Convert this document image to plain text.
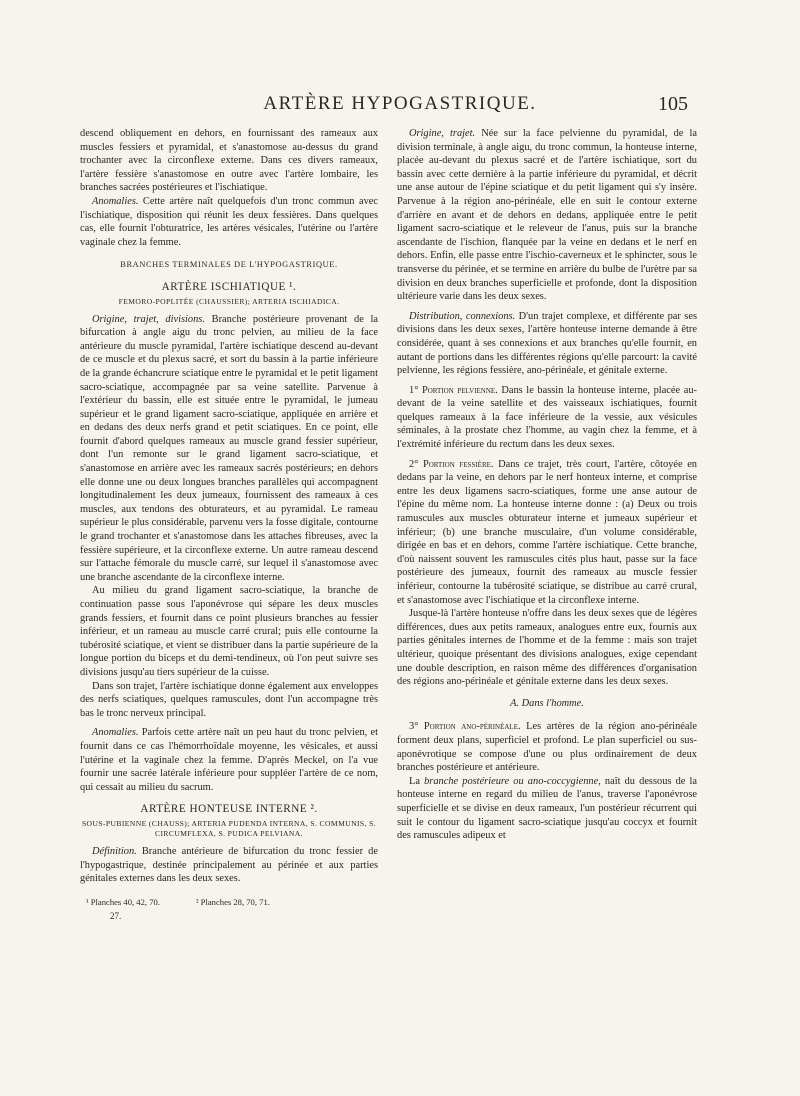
ARTÈRE HYPOGASTRIQUE.	105

descend obliquement en dehors, en fournissant des rameaux aux muscles fessiers et pyramidal, et s'anastomose au-dessus du grand trochanter avec la circonflexe externe. Dans ces divers rameaux, l'artère fessière s'anastomose en outre avec l'artère lombaire, les branches sacrées postérieures et l'ischiatique.

Anomalies. Cette artère naît quelquefois d'un tronc commun avec l'ischiatique, disposition qui réunit les deux fessières. Dans quelques cas, elle fournit l'obturatrice, les artères vésicales, l'utérine ou l'artère vaginale chez la femme.

BRANCHES TERMINALES DE L'HYPOGASTRIQUE.
ARTÈRE ISCHIATIQUE ¹.
FEMORO-POPLITÉE (CHAUSSIER); ARTERIA ISCHIADICA.

Origine, trajet, divisions. Branche postérieure provenant de la bifurcation à angle aigu du tronc pelvien, au milieu de la face antérieure du muscle pyramidal, l'artère ischiatique descend au-devant de ce muscle et du plexus sacré, et sort du bassin à la partie inférieure de la grande échancrure sciatique entre le pyramidal et le petit ligament sacro-sciatique, accompagnée par sa veine satellite. Parvenue à l'extérieur du bassin, elle est située entre le pyramidal, le jumeau supérieur et le grand ligament sacro-sciatique, appliquée en arrière et en dedans des deux nerfs grand et petit sciatiques. En ce point, elle fournit d'abord quelques rameaux au muscle grand fessier supérieur, dont l'un remonte sur le grand ligament sacro-sciatique, et s'anastomose en arrière avec les rameaux sacrés postérieurs; en dehors elle donne une ou deux longues branches parallèles qui accompagnent longitudinalement les deux jumeaux, fournissent des rameaux à ces muscles, aux tendons des obturateurs, et au pyramidal. Le rameau supérieur le plus considérable, parvenu vers la fosse digitale, contourne le grand trochanter et s'anastomose dans les attaches fibreuses, avec la fessière supérieure, et la circonflexe externe. Un autre rameau descend sur l'attache fémorale du muscle carré, sur lequel il s'anastomose avec une branche ascendante de la circonflexe interne.

Au milieu du grand ligament sacro-sciatique, la branche de continuation passe sous l'aponévrose qui sépare les deux muscles grands fessiers, et fournit dans ce point plusieurs branches au fessier inférieur, et un rameau au muscle carré crural; puis elle contourne la tubérosité sciatique, et vient se distribuer dans la partie supérieure de la longue portion du biceps et du demi-tendineux, où l'on peut suivre ses divisions jusqu'au tiers supérieur de la cuisse.

Dans son trajet, l'artère ischiatique donne également aux enveloppes des nerfs sciatiques, quelques ramuscules, dont l'un accompagne très bas le tronc nerveux principal.

Anomalies. Parfois cette artère naît un peu haut du tronc pelvien, et fournit dans ce cas l'hémorrhoïdale moyenne, les vésicales, et aussi l'utérine et la vaginale chez la femme. D'après Meckel, on l'a vue fournir une sacrée latérale inférieure pour suppléer l'artère de ce nom, qui cessait au milieu du sacrum.

ARTÈRE HONTEUSE INTERNE ².
SOUS-PUBIENNE (CHAUSS); ARTERIA PUDENDA INTERNA, S. COMMUNIS, S. CIRCUMFLEXA, S. PUDICA PELVIANA.

Définition. Branche antérieure de bifurcation du tronc fessier de l'hypogastrique, destinée principalement au périnée et aux parties génitales externes dans les deux sexes.

¹ Planches 40, 42, 70.	² Planches 28, 70, 71.
27.

Origine, trajet. Née sur la face pelvienne du pyramidal, de la division terminale, à angle aigu, du tronc commun, la honteuse interne, placée au-devant du plexus sacré et de l'artère ischiatique, sort du bassin avec cette dernière à la partie inférieure du pyramidal, et décrit une anse autour de l'épine sciatique et du petit ligament qui s'y insère. Parvenue à la région ano-périnéale, elle en suit le contour externe d'arrière en avant et de dehors en dedans, appliquée entre le petit ligament sacro-sciatique et le releveur de l'anus, puis sur la branche ascendante de l'ischion, flanquée par la veine en dedans et le nerf en dehors. Enfin, elle passe entre l'ischio-caverneux et le sphincter, sous le transverse du périnée, et se termine en arrière du bulbe de l'urètre par sa division en deux branches superficielle et profonde, dont la disposition ultérieure varie dans les deux sexes.

Distribution, connexions. D'un trajet complexe, et différente par ses divisions dans les deux sexes, l'artère honteuse interne demande à être considérée, quant à ses connexions et aux branches qu'elle fournit, en autant de portions dans les différentes régions qu'elle parcourt: la cavité pelvienne, les régions fessière, ano-périnéale, et génitale externe.

1° Portion pelvienne. Dans le bassin la honteuse interne, placée au-devant de la veine satellite et des vaisseaux ischiatiques, fournit quelques rameaux à la face inférieure de la vessie, aux vésicules séminales, à la prostate chez l'homme, au vagin chez la femme, et à l'extrémité inférieure du rectum dans les deux sexes.

2° Portion fessière. Dans ce trajet, très court, l'artère, côtoyée en dedans par la veine, en dehors par le nerf honteux interne, et comprise entre les deux ligamens sacro-sciatiques, forme une anse autour de l'épine du même nom. La honteuse interne donne : (a) Deux ou trois ramuscules aux muscles obturateur interne et jumeaux supérieur et inférieur; (b) une branche musculaire, d'un volume considérable, dirigée en bas et en dehors, comme l'artère ischiatique. Cette branche, d'où naissent souvent les ramuscules cités plus haut, passe sur la face postérieure des jumeaux, fournit des rameaux au muscle fessier inférieur, contourne la tubérosité sciatique, se distribue au carré crural, et s'anastomose avec l'ischiatique et la circonflexe interne.

Jusque-là l'artère honteuse n'offre dans les deux sexes que de légères différences, dues aux petits rameaux, analogues entre eux, fournis aux parties génitales internes de l'homme et de la femme : mais son trajet ultérieur, quoique présentant des divisions analogues, exige cependant une double description, en raison même des différences d'organisation des régions ano-périnéale et génitale externe dans les deux sexes.

A. Dans l'homme.

3° Portion ano-périnéale. Les artères de la région ano-périnéale forment deux plans, superficiel et profond. Le plan superficiel ou sus-aponévrotique se compose d'une ou plus ordinairement de deux branches postérieure et antérieure.

La branche postérieure ou ano-coccygienne, naît du dessous de la honteuse interne en regard du milieu de l'anus, traverse l'aponévrose superficielle et se divise en deux rameaux, l'un postérieur récurrent qui suit le contour du ligament sacro-sciatique jusqu'au coccyx et fournit des ramuscules adipeux et
